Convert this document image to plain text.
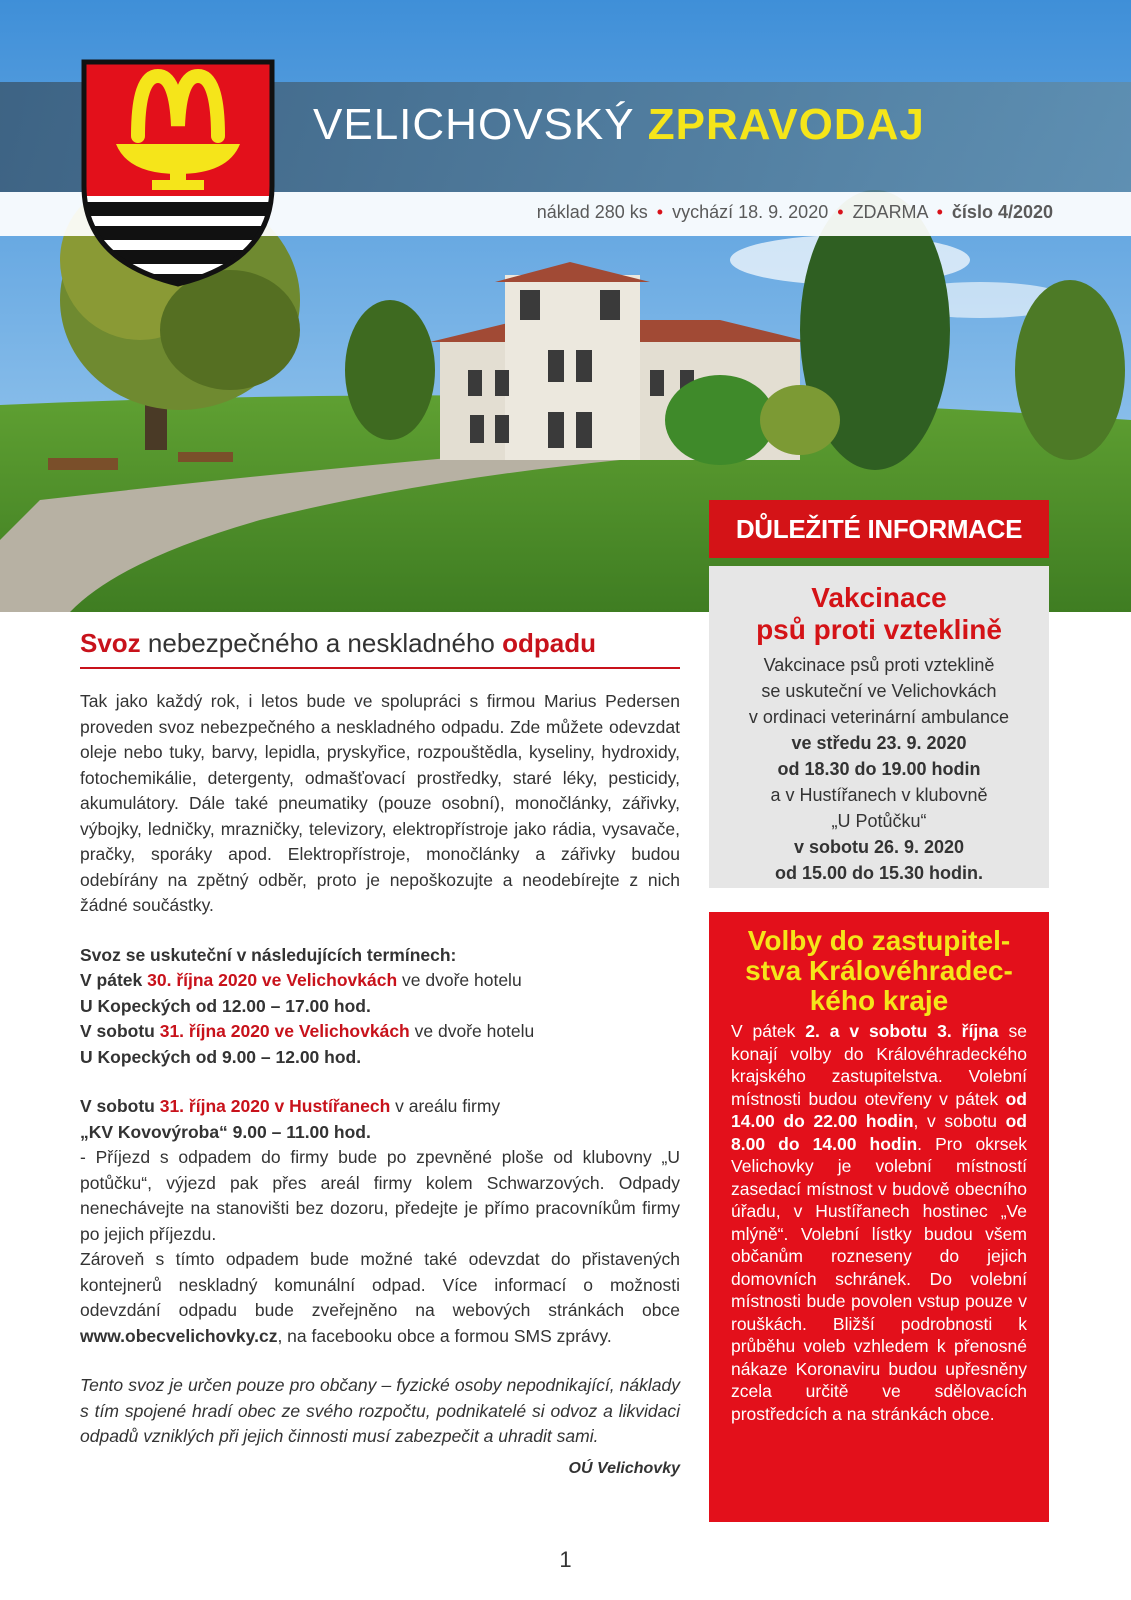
VELICHOVSKÝ ZPRAVODAJ
náklad 280 ks • vychází 18. 9. 2020 • ZDARMA • číslo 4/2020
DŮLEŽITÉ INFORMACE
Vakcinace
psů proti vzteklině

Vakcinace psů proti vzteklině
se uskuteční ve Velichovkách
v ordinaci veterinární ambulance
ve středu 23. 9. 2020
od 18.30 do 19.00 hodin
a v Hustířanech v klubovně
„U Potůčku“
v sobotu 26. 9. 2020
od 15.00 do 15.30 hodin.

Volby do zastupitel-
stva Královéhradec-
kého kraje

V pátek 2. a v sobotu 3. října se konají volby do Královéhradeckého krajského zastupitelstva. Volební místnosti budou otevřeny v pátek od 14.00 do 22.00 hodin, v sobotu od 8.00 do 14.00 hodin. Pro okrsek Velichovky je volební místností zasedací místnost v budově obecního úřadu, v Hustířanech hostinec „Ve mlýně“. Volební lístky budou všem občanům rozneseny do jejich domovních schránek. Do volební místnosti bude povolen vstup pouze v rouškách. Bližší podrobnosti k průběhu voleb vzhledem k přenosné nákaze Koronaviru budou upřesněny zcela určitě ve sdělovacích prostředcích a na stránkách obce.

Svoz nebezpečného a neskladného odpadu

Tak jako každý rok, i letos bude ve spolupráci s firmou Marius Pedersen proveden svoz nebezpečného a neskladného odpadu. Zde můžete odevzdat oleje nebo tuky, barvy, lepidla, pryskyřice, rozpouštědla, kyseliny, hydroxidy, fotochemikálie, detergenty, odmašťovací prostředky, staré léky, pesticidy, akumulátory. Dále také pneumatiky (pouze osobní), monočlánky, zářivky, výbojky, ledničky, mrazničky, televizory, elektropřístroje jako rádia, vysavače, pračky, sporáky apod. Elektropřístroje, monočlánky a zářivky budou odebírány na zpětný odběr, proto je nepoškozujte a neodebírejte z nich žádné součástky.

Svoz se uskuteční v následujících termínech:
V pátek 30. října 2020 ve Velichovkách ve dvoře hotelu
U Kopeckých od 12.00 – 17.00 hod.
V sobotu 31. října 2020 ve Velichovkách ve dvoře hotelu
U Kopeckých od 9.00 – 12.00 hod.

V sobotu 31. října 2020 v Hustířanech v areálu firmy
„KV Kovovýroba“ 9.00 – 11.00 hod.

- Příjezd s odpadem do firmy bude po zpevněné ploše od klubovny „U potůčku“, výjezd pak přes areál firmy kolem Schwarzových. Odpady nenechávejte na stanovišti bez dozoru, předejte je přímo pracovníkům firmy po jejich příjezdu.

Zároveň s tímto odpadem bude možné také odevzdat do přistavených kontejnerů neskladný komunální odpad. Více informací o možnosti odevzdání odpadu bude zveřejněno na webových stránkách obce www.obecvelichovky.cz, na facebooku obce a formou SMS zprávy.

Tento svoz je určen pouze pro občany – fyzické osoby nepodnikající, náklady s tím spojené hradí obec ze svého rozpočtu, podnikatelé si odvoz a likvidaci odpadů vzniklých při jejich činnosti musí zabezpečit a uhradit sami.

OÚ Velichovky
1
